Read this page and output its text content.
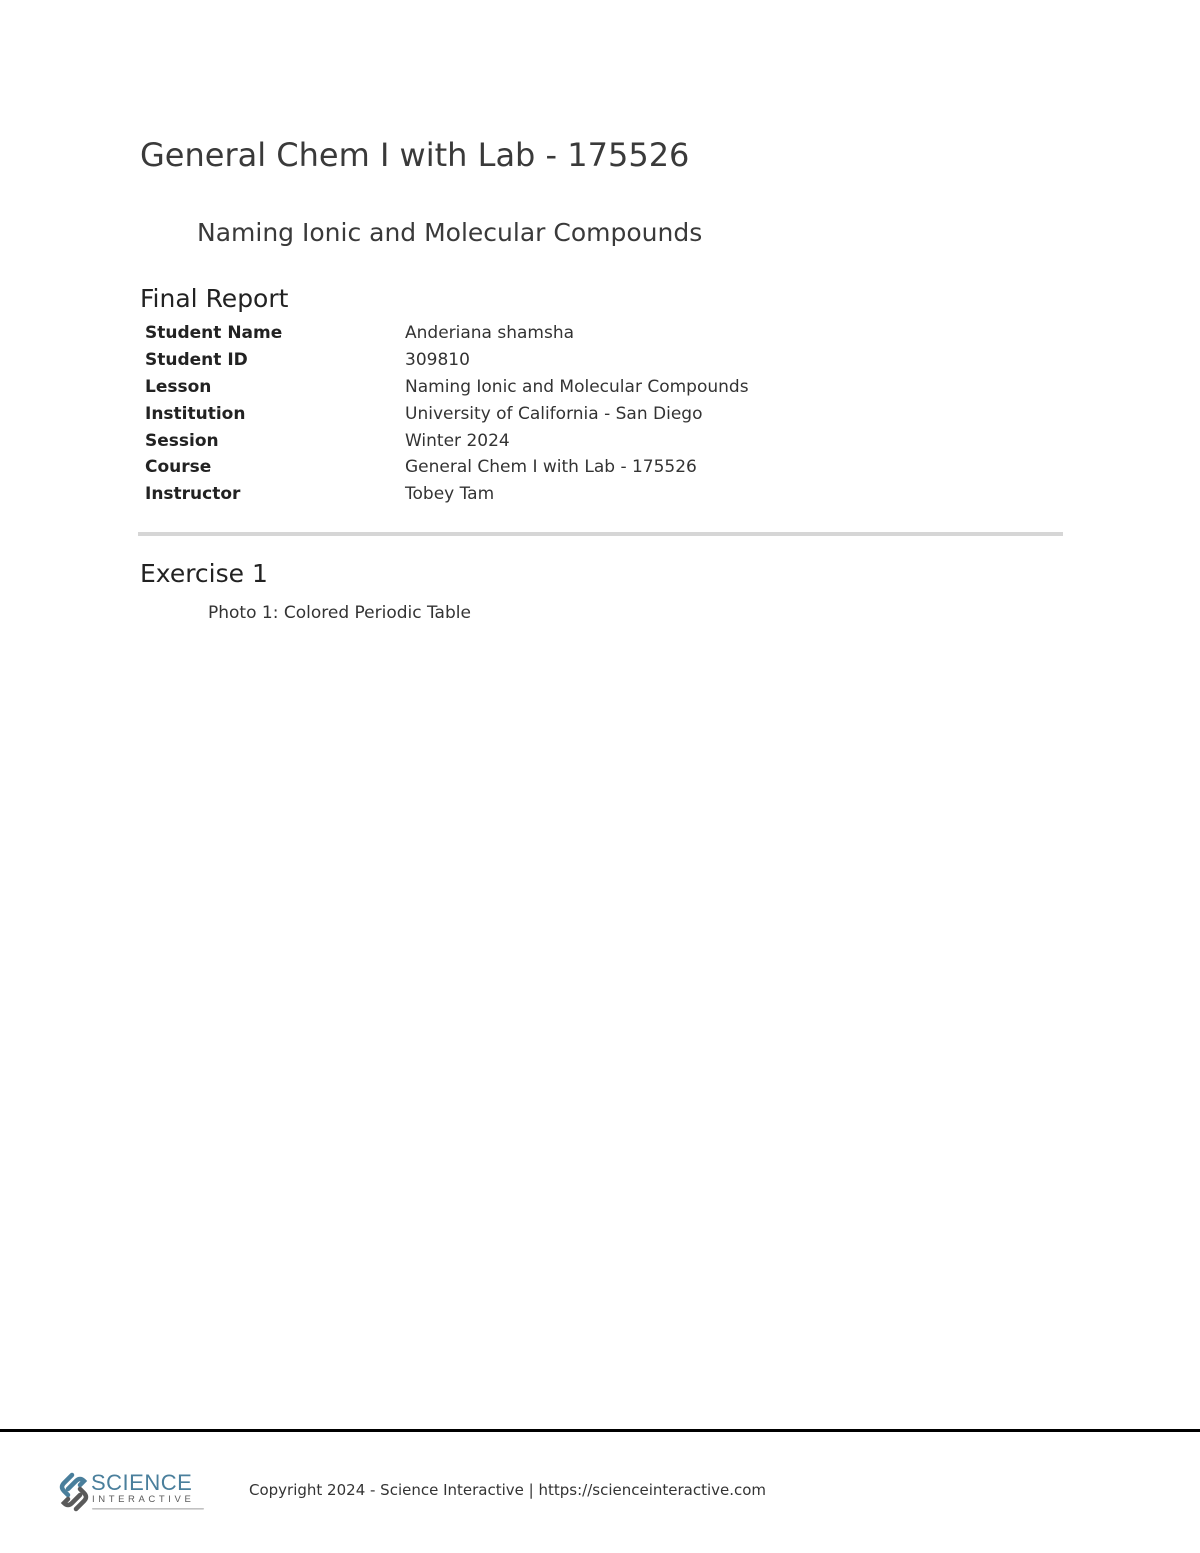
General Chem I with Lab - 175526
Naming Ionic and Molecular Compounds
Final Report
Student Name	Anderiana shamsha
Student ID	309810
Lesson	Naming Ionic and Molecular Compounds
Institution	University of California - San Diego
Session	Winter 2024
Course	General Chem I with Lab - 175526
Instructor	Tobey Tam
Exercise 1
Photo 1: Colored Periodic Table
SCIENCE
INTERACTIVE
Copyright 2024 - Science Interactive | https://scienceinteractive.com
